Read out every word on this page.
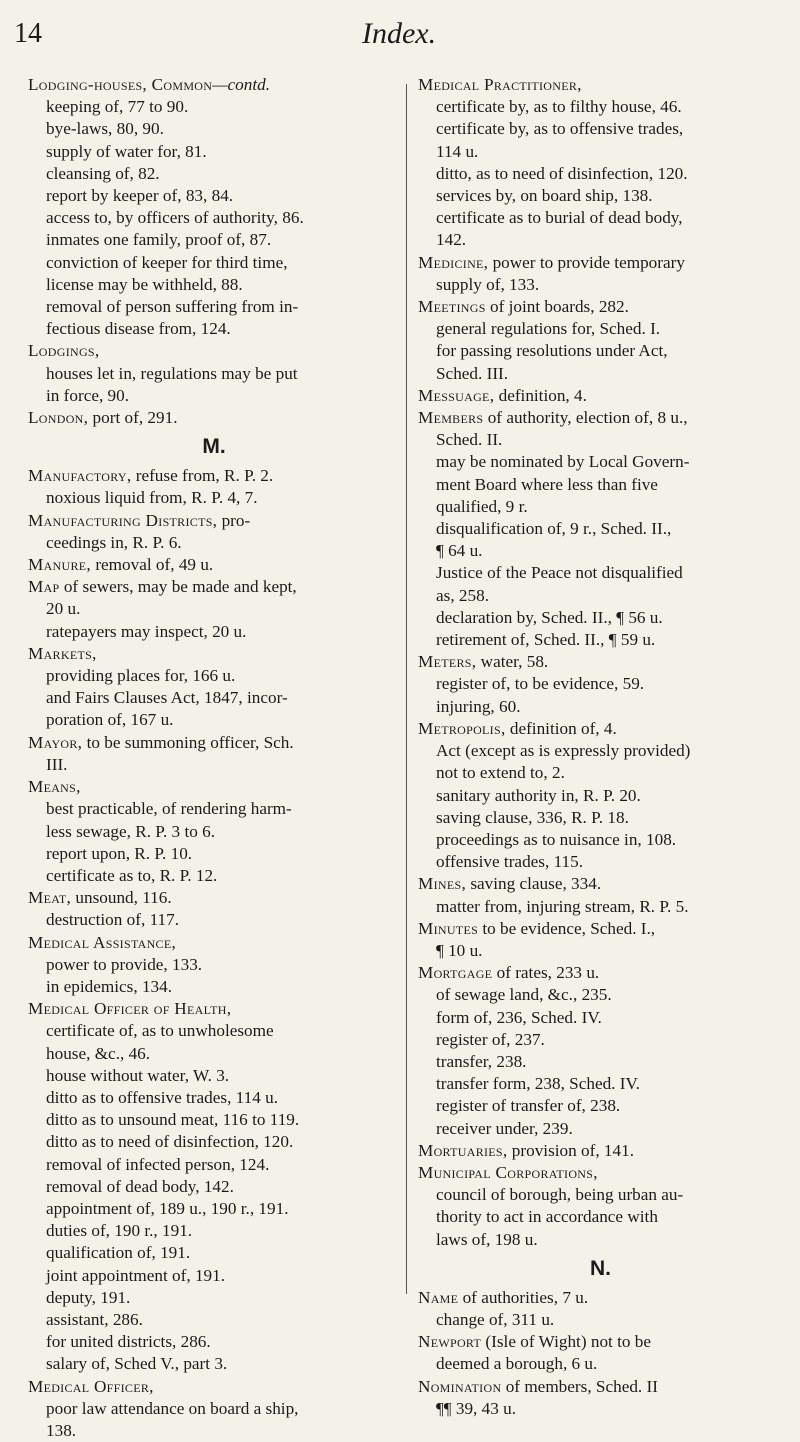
14	Index.
Lodging-houses, Common—contd.
keeping of, 77 to 90.
bye-laws, 80, 90.
supply of water for, 81.
cleansing of, 82.
report by keeper of, 83, 84.
access to, by officers of authority, 86.
inmates one family, proof of, 87.
conviction of keeper for third time,
license may be withheld, 88.
removal of person suffering from in-
fectious disease from, 124.
Lodgings,
houses let in, regulations may be put
in force, 90.
London, port of, 291.
M.
Manufactory, refuse from, R. P. 2.
noxious liquid from, R. P. 4, 7.
Manufacturing Districts, pro-
ceedings in, R. P. 6.
Manure, removal of, 49 u.
Map of sewers, may be made and kept,
20 u.
ratepayers may inspect, 20 u.
Markets,
providing places for, 166 u.
and Fairs Clauses Act, 1847, incor-
poration of, 167 u.
Mayor, to be summoning officer, Sch.
III.
Means,
best practicable, of rendering harm-
less sewage, R. P. 3 to 6.
report upon, R. P. 10.
certificate as to, R. P. 12.
Meat, unsound, 116.
destruction of, 117.
Medical Assistance,
power to provide, 133.
in epidemics, 134.
Medical Officer of Health,
certificate of, as to unwholesome
house, &c., 46.
house without water, W. 3.
ditto as to offensive trades, 114 u.
ditto as to unsound meat, 116 to 119.
ditto as to need of disinfection, 120.
removal of infected person, 124.
removal of dead body, 142.
appointment of, 189 u., 190 r., 191.
duties of, 190 r., 191.
qualification of, 191.
joint appointment of, 191.
deputy, 191.
assistant, 286.
for united districts, 286.
salary of, Sched V., part 3.
Medical Officer,
poor law attendance on board a ship,
138.
Medical Practitioner,
certificate by, as to filthy house, 46.
certificate by, as to offensive trades,
114 u.
ditto, as to need of disinfection, 120.
services by, on board ship, 138.
certificate as to burial of dead body,
142.
Medicine, power to provide temporary
supply of, 133.
Meetings of joint boards, 282.
general regulations for, Sched. I.
for passing resolutions under Act,
Sched. III.
Messuage, definition, 4.
Members of authority, election of, 8 u.,
Sched. II.
may be nominated by Local Govern-
ment Board where less than five
qualified, 9 r.
disqualification of, 9 r., Sched. II.,
¶ 64 u.
Justice of the Peace not disqualified
as, 258.
declaration by, Sched. II., ¶ 56 u.
retirement of, Sched. II., ¶ 59 u.
Meters, water, 58.
register of, to be evidence, 59.
injuring, 60.
Metropolis, definition of, 4.
Act (except as is expressly provided)
not to extend to, 2.
sanitary authority in, R. P. 20.
saving clause, 336, R. P. 18.
proceedings as to nuisance in, 108.
offensive trades, 115.
Mines, saving clause, 334.
matter from, injuring stream, R. P. 5.
Minutes to be evidence, Sched. I.,
¶ 10 u.
Mortgage of rates, 233 u.
of sewage land, &c., 235.
form of, 236, Sched. IV.
register of, 237.
transfer, 238.
transfer form, 238, Sched. IV.
register of transfer of, 238.
receiver under, 239.
Mortuaries, provision of, 141.
Municipal Corporations,
council of borough, being urban au-
thority to act in accordance with
laws of, 198 u.
N.
Name of authorities, 7 u.
change of, 311 u.
Newport (Isle of Wight) not to be
deemed a borough, 6 u.
Nomination of members, Sched. II
¶¶ 39, 43 u.
